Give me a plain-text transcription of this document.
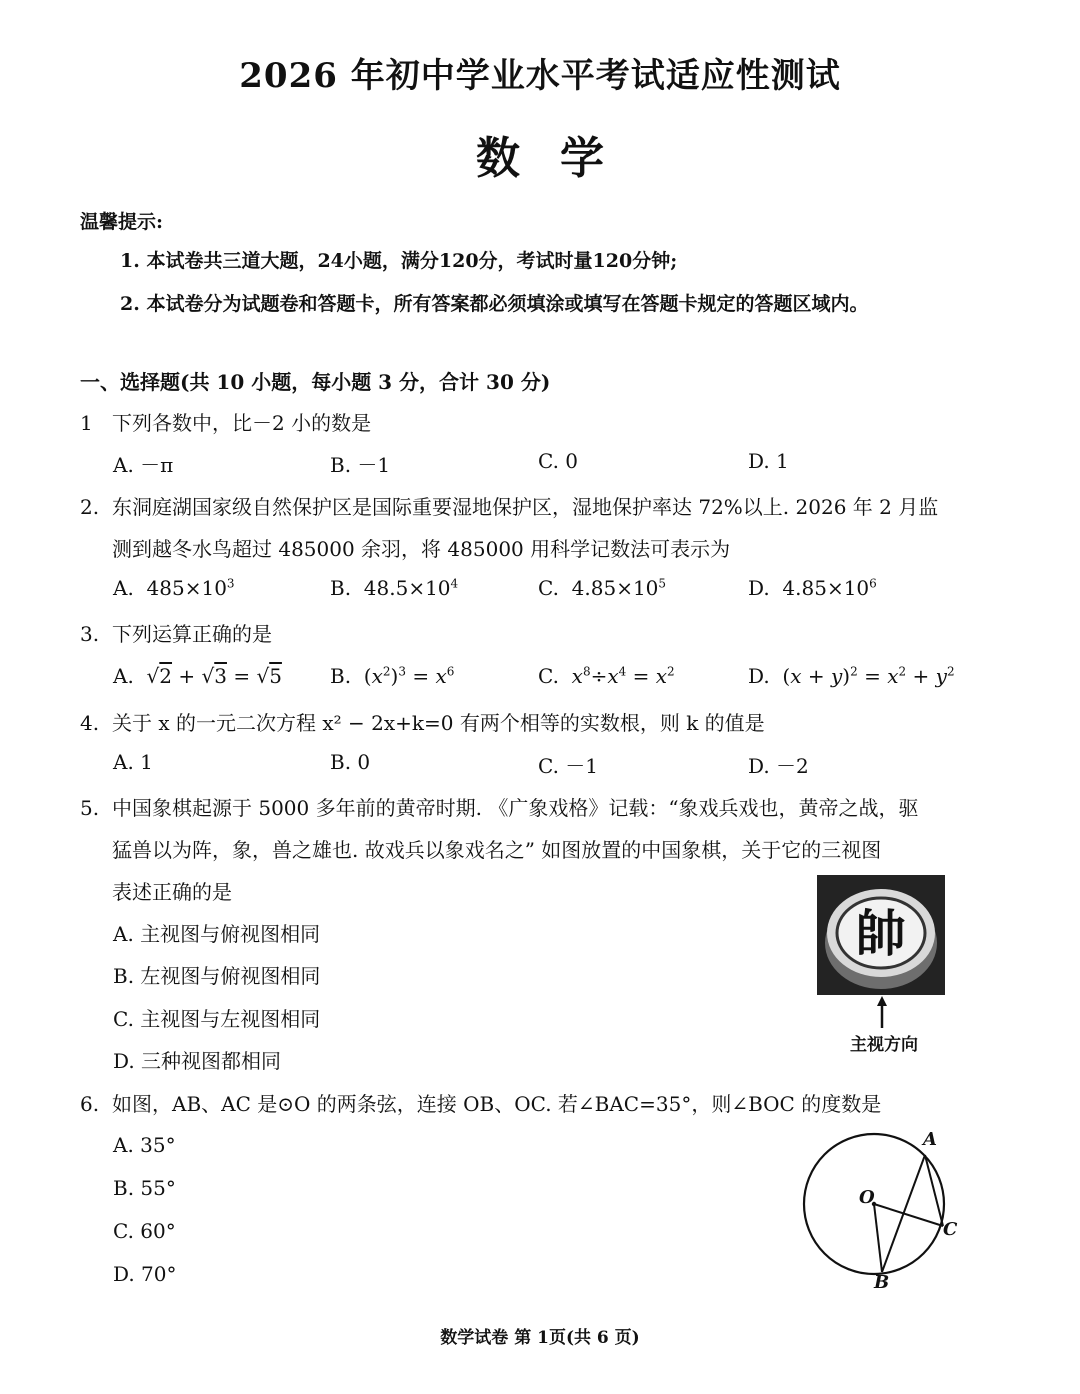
2026 年初中学业水平考试适应性测试
数学
温馨提示:
1. 本试卷共三道大题，24小题，满分120分，考试时量120分钟;
2. 本试卷分为试题卷和答题卡，所有答案都必须填涂或填写在答题卡规定的答题区域内。
一、选择题(共 10 小题，每小题 3 分，合计 30 分)
1 下列各数中，比－2 小的数是
A. －π	B. －1	C. 0	D. 1
2. 东洞庭湖国家级自然保护区是国际重要湿地保护区，湿地保护率达 72%以上. 2026 年 2 月监
测到越冬水鸟超过 485000 余羽，将 485000 用科学记数法可表示为
A. $485\times 10^3$	B. $48.5\times 10^4$	C. $4.85\times 10^5$	D. $4.85\times 10^6$
3. 下列运算正确的是
A.  √2 + √3 = √5 B.  $(x^2)^3 = x^6$	C. $x^8\div x^4 = x^2$	D.  $(x + y)^2 = x^2 + y^2$
4. 关于 x 的一元二次方程 x² − 2x+k=0 有两个相等的实数根，则 k 的值是
A. 1	B. 0	C. －1	D. －2
5. 中国象棋起源于 5000 多年前的黄帝时期. 《广象戏格》记载：“象戏兵戏也，黄帝之战，驱
猛兽以为阵，象，兽之雄也. 故戏兵以象戏名之” 如图放置的中国象棋，关于它的三视图
表述正确的是
A. 主视图与俯视图相同
B. 左视图与俯视图相同
C. 主视图与左视图相同
D. 三种视图都相同
帥
主视方向
6. 如图，AB、AC 是⊙O 的两条弦，连接 OB、OC. 若∠BAC=35°，则∠BOC 的度数是
A. 35°
B. 55°
C. 60°
D. 70°
A
O
C
B
数学试卷 第 1页(共 6 页)
